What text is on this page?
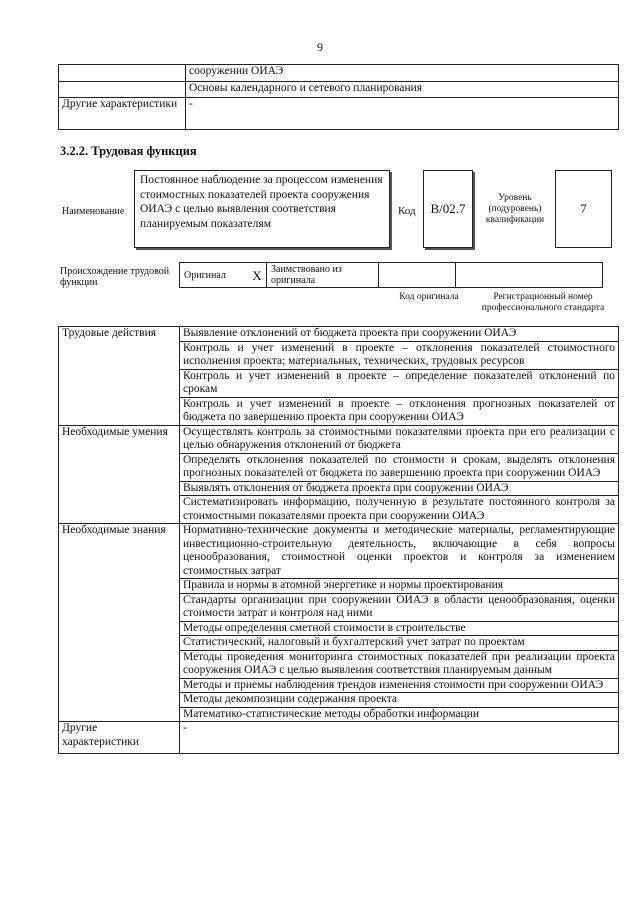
9
	сооружении ОИАЭ
	Основы календарного и сетевого планирования
Другие характеристики	-
3.2.2. Трудовая функция
Наименование
Постоянное наблюдение за процессом изменения стоимостных показателей проекта сооружения ОИАЭ с целью выявления соответствия планируемым показателям
Код	B/02.7
Уровень (подуровень) квалификации
7
Происхождение трудовой функции
Оригинал	X	Заимствовано из оригинала		
Код оригинала	Регистрационный номер профессионального стандарта
Трудовые действия	Выявление отклонений от бюджета проекта при сооружении ОИАЭ
	Контроль и учет изменений в проекте – отклонения показателей стоимостного исполнения проекта; материальных, технических, трудовых ресурсов
	Контроль и учет изменений в проекте – определение показателей отклонений по срокам
	Контроль и учет изменений в проекте – отклонения прогнозных показателей от бюджета по завершению проекта при сооружении ОИАЭ
Необходимые умения	Осуществлять контроль за стоимостными показателями проекта при его реализации с целью обнаружения отклонений от бюджета
	Определять отклонения показателей по стоимости и срокам, выделять отклонения прогнозных показателей от бюджета по завершению проекта при сооружении ОИАЭ
	Выявлять отклонения от бюджета проекта при сооружении ОИАЭ
	Систематизировать информацию, полученную в результате постоянного контроля за стоимостными показателями проекта при сооружении ОИАЭ
Необходимые знания	Нормативно-технические документы и методические материалы, регламентирующие инвестиционно-строительную деятельность, включающие в себя вопросы ценообразования, стоимостной оценки проектов и контроля за изменением стоимостных затрат
	Правила и нормы в атомной энергетике и нормы проектирования
	Стандарты организации при сооружении ОИАЭ в области ценообразования, оценки стоимости затрат и контроля над ними
	Методы определения сметной стоимости в строительстве
	Статистический, налоговый и бухгалтерский учет затрат по проектам
	Методы проведения мониторинга стоимостных показателей при реализации проекта сооружения ОИАЭ с целью выявления соответствия планируемым данным
	Методы и приемы наблюдения трендов изменения стоимости при сооружении ОИАЭ
	Методы декомпозиции содержания проекта
	Математико-статистические методы обработки информации
Другие характеристики	-
